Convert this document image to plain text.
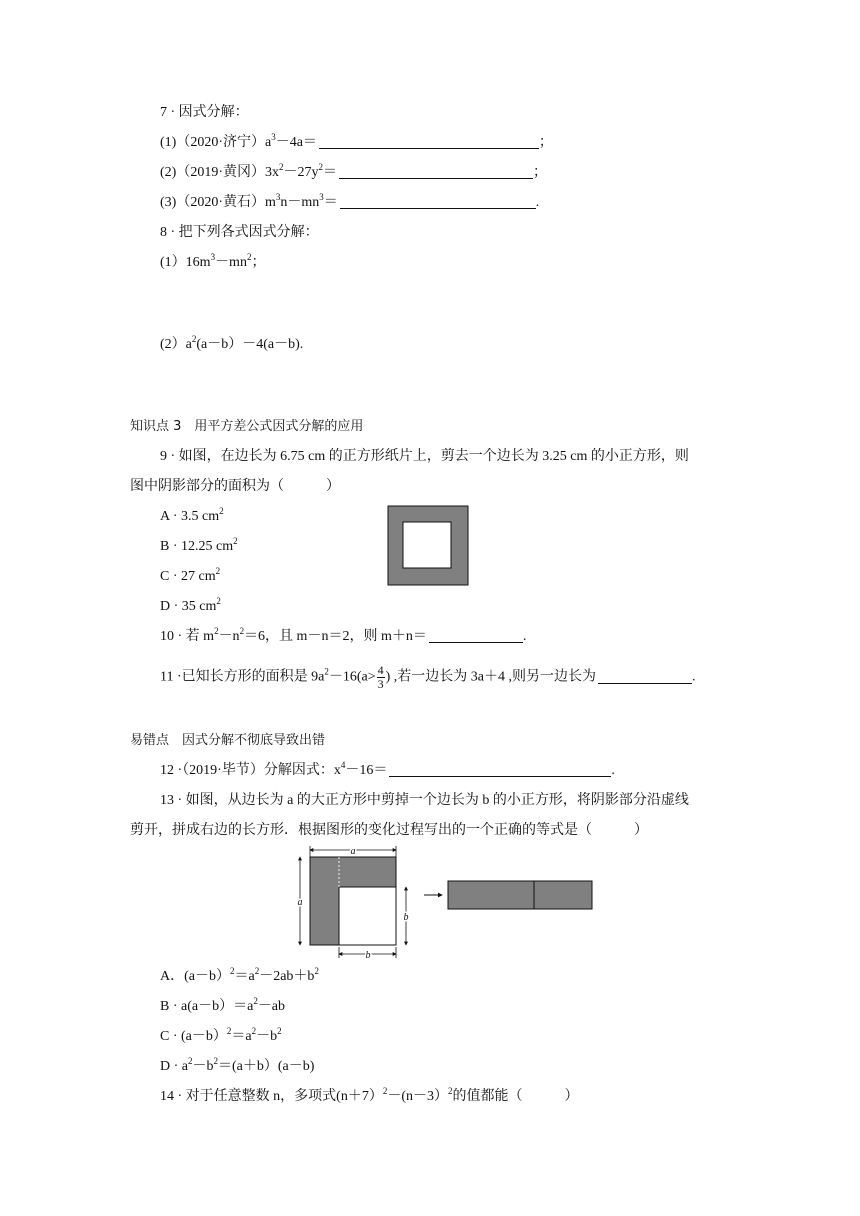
7 · 因式分解：
(1)（2020·济宁）$a^3-4a=$	；
(2)（2019·黄冈）$3x^2-27y^2=$	；
(3)（2020·黄石）$m^3n-mn^3=$	.
8 · 把下列各式因式分解：
$(1)16m^3-mn^2$；
$(2)a^2(a-b)-4(a-b)$.
知识点 3　用平方差公式因式分解的应用
9 · 如图，在边长为 6.75 cm 的正方形纸片上，剪去一个边长为 3.25 cm 的小正方形，则
图中阴影部分的面积为（　　　）
A · 3.5 $cm^2$
B · 12.25 $cm^2$
C · 27 $cm^2$
D · 35 $cm^2$
10 · 若 $m^2-n^2=6$，且 m－n＝2，则 m＋n＝	.
11 ·已知长方形的面积是 $9a^2-16(a> \frac{4}{3}$ ) ,若一边长为 3a＋4 ,则另一边长为	.
易错点　因式分解不彻底导致出错
12 ·（2019·毕节）分解因式：$x^4-16=$	.
13 · 如图，从边长为 a 的大正方形中剪掉一个边长为 b 的小正方形，将阴影部分沿虚线
剪开，拼成右边的长方形．根据图形的变化过程写出的一个正确的等式是（　　　）
a
a
b
b
A．$(a-b)^2=a^2-2ab+b^2$
$B \cdot a(a-b)=a^2-ab$
$C \cdot (a-b)^2=a^2-b^2$
$D \cdot a^2-b^2=(a+b)(a-b)$
14 · 对于任意整数 n，多项式(n＋7）$^2$－(n－3）$^2$的值都能（　　　）
